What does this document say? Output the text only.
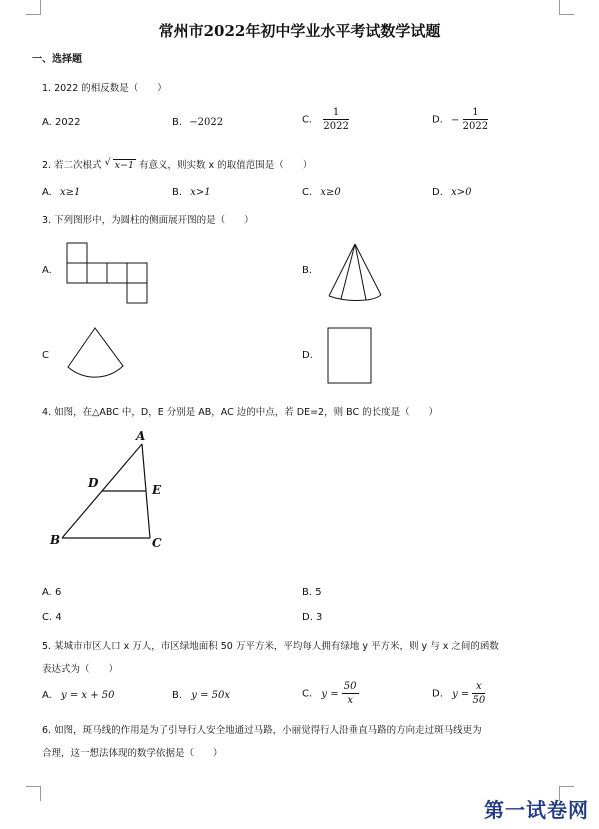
常州市2022年初中学业水平考试数学试题
一、选择题
1. 2022 的相反数是（　　）
A. 2022	B. −2022	C. $\frac{1}{2022}$	D. − $\frac{1}{2022}$
2. 若二次根式 √ x−1 有意义，则实数 x 的取值范围是（　　）
A. x≥1	B. x>1	C. x≥0	D. x>0
3. 下列图形中，为圆柱的侧面展开图的是（　　）
A.	B.
C	D.
4. 如图，在△ABC 中，D，E 分别是 AB，AC 边的中点，若 DE=2，则 BC 的长度是（　　）
A
D	E
B	C
A. 6	B. 5
C. 4	D. 3
5. 某城市市区人口 x 万人，市区绿地面积 50 万平方米，平均每人拥有绿地 y 平方米，则 y 与 x 之间的函数
表达式为（　　）
A. y = x + 50	B. y = 50x	C. $y = \frac{50}{x}$	D. $y = \frac{x}{50}$
6. 如图，斑马线的作用是为了引导行人安全地通过马路，小丽觉得行人沿垂直马路的方向走过斑马线更为
合理，这一想法体现的数学依据是（　　）
第一试卷网
